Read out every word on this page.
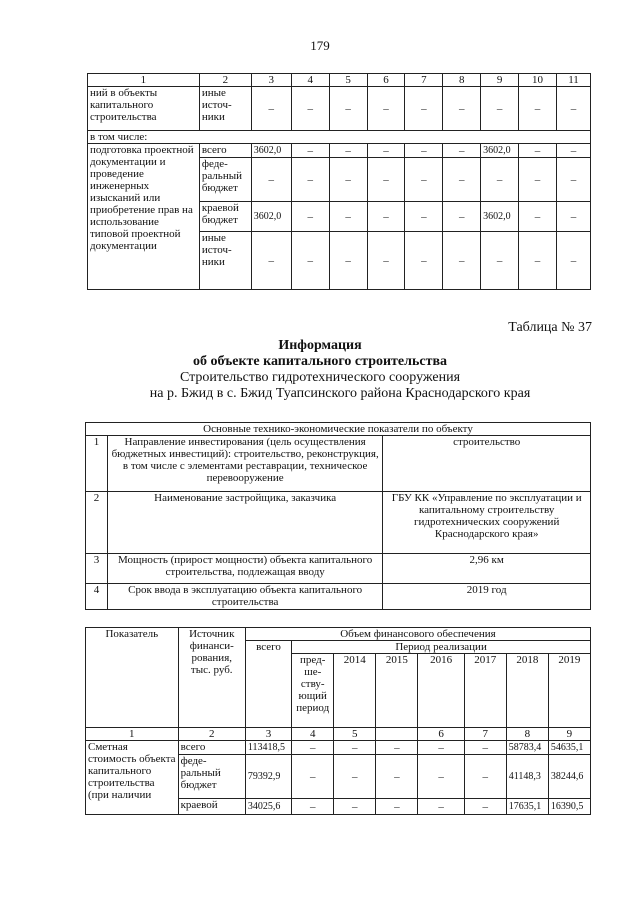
179
1	2	3	4	5	6	7	8	9	10	11
ний в объекты капитального строительства	иные источ-ники	–	–	–	–	–	–	–	–	–
в том числе:										
подготовка проектной документации и проведение инженерных изысканий или приобретение прав на использование типовой проектной документации	всего	3602,0	–	–	–	–	–	3602,0	–	–
	феде-ральный бюджет	–	–	–	–	–	–	–	–	–
	краевой бюджет	3602,0	–	–	–	–	–	3602,0	–	–
	иные источ-ники	–	–	–	–	–	–	–	–	–
Таблица № 37
Информация
об объекте капитального строительства
Строительство гидротехнического сооружения
на р. Бжид в с. Бжид Туапсинского района Краснодарского края
Основные технико-экономические показатели по объекту		
1	Направление инвестирования (цель осуществления бюджетных инвестиций): строительство, реконструкция, в том числе с элементами реставрации, техническое перевооружение	строительство
2	Наименование застройщика, заказчика	ГБУ КК «Управление по эксплуатации и капитальному строительству гидротехнических сооружений Краснодарского края»
3	Мощность (прирост мощности) объекта капитального строительства, подлежащая вводу	2,96 км
4	Срок ввода в эксплуатацию объекта капитального строительства	2019 год
Показатель	Источник финанси-рования, тыс. руб.	Объем финансового обеспечения							
		всего	Период реализации						
			пред-ше-ству-ющий период	2014	2015	2016	2017	2018	2019
1	2	3	4	5		6	7	8	9
Сметная стоимость объекта капитального строительства (при наличии	всего	113418,5	–	–	–	–	–	58783,4	54635,1
	феде-ральный бюджет	79392,9	–	–	–	–	–	41148,3	38244,6
	краевой	34025,6	–	–	–	–	–	17635,1	16390,5
